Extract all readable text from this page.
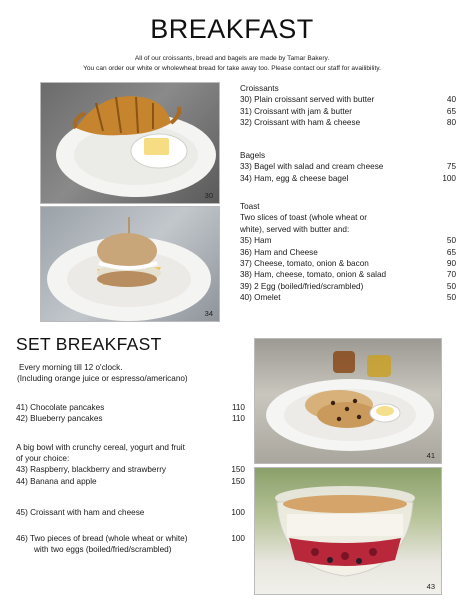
BREAKFAST
All of our croissants, bread and bagels are made by Tamar Bakery.
You can order our white or wholewheat bread for take away too. Please contact our staff for availibility.
30
34
Croissants
30) Plain croissant served with butter	40
31) Croissant with jam & butter	65
32) Croissant with ham & cheese	80
Bagels
33) Bagel with salad and cream cheese	75
34) Ham, egg & cheese bagel	100
Toast
Two slices of toast (whole wheat or
white), served with butter and:
35) Ham	50
36) Ham and Cheese	65
37) Cheese, tomato, onion & bacon	90
38) Ham, cheese, tomato, onion & salad	70
39) 2 Egg (boiled/fried/scrambled)	50
40) Omelet	50
SET BREAKFAST
Every morning till 12 o'clock.
(Including orange juice or espresso/americano)
41) Chocolate pancakes	110
42) Blueberry pancakes	110
A big bowl with crunchy cereal, yogurt and fruit
of your choice:
43) Raspberry, blackberry and strawberry	150
44) Banana and apple	150
45) Croissant with ham and cheese	100
46) Two pieces of bread (whole wheat or white)	100
with two eggs (boiled/fried/scrambled)
41
43
